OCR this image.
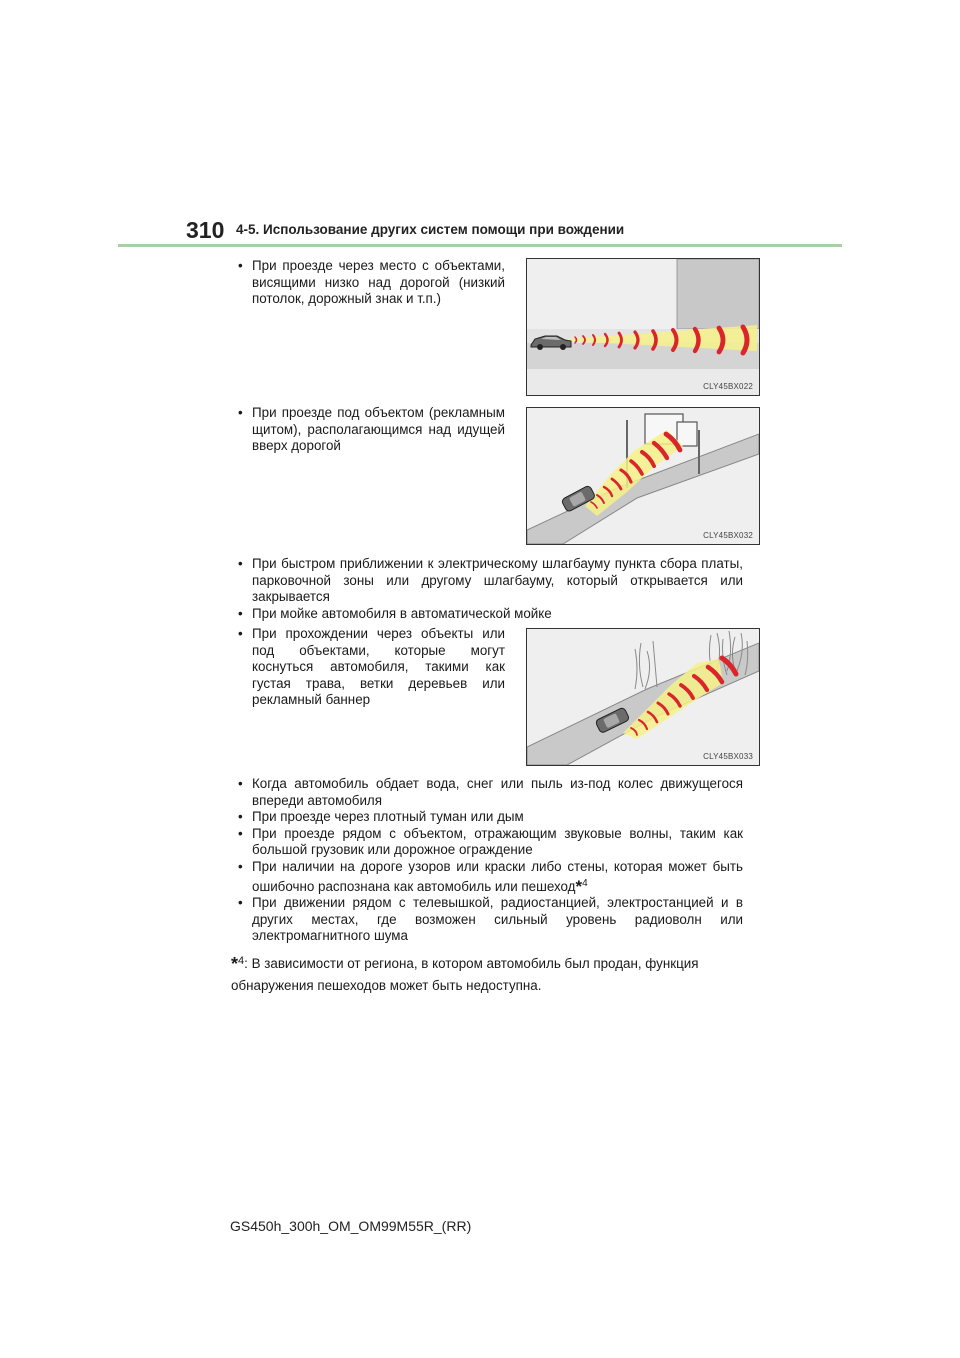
310 4-5. Использование других систем помощи при вождении
• При проезде через место с объектами, висящими низко над дорогой (низкий потолок, дорожный знак и т.п.)
CLY45BX022
• При проезде под объектом (рекламным щитом), располагающимся над идущей вверх дорогой
CLY45BX032
• При быстром приближении к электрическому шлагбауму пункта сбора платы, парковочной зоны или другому шлагбауму, который открывается или закрывается
• При мойке автомобиля в автоматической мойке
• При прохождении через объекты или под объектами, которые могут коснуться автомобиля, такими как густая трава, ветки деревьев или рекламный баннер
CLY45BX033
• Когда автомобиль обдает вода, снег или пыль из-под колес движущегося впереди автомобиля
• При проезде через плотный туман или дым
• При проезде рядом с объектом, отражающим звуковые волны, таким как большой грузовик или дорожное ограждение
• При наличии на дороге узоров или краски либо стены, которая может быть ошибочно распознана как автомобиль или пешеход*$^4$
• При движении рядом с телевышкой, радиостанцией, электростанцией и в других местах, где возможен сильный уровень радиоволн или электромагнитного шума
*$^4$: В зависимости от региона, в котором автомобиль был продан, функция обнаружения пешеходов может быть недоступна.
GS450h_300h_OM_OM99M55R_(RR)
